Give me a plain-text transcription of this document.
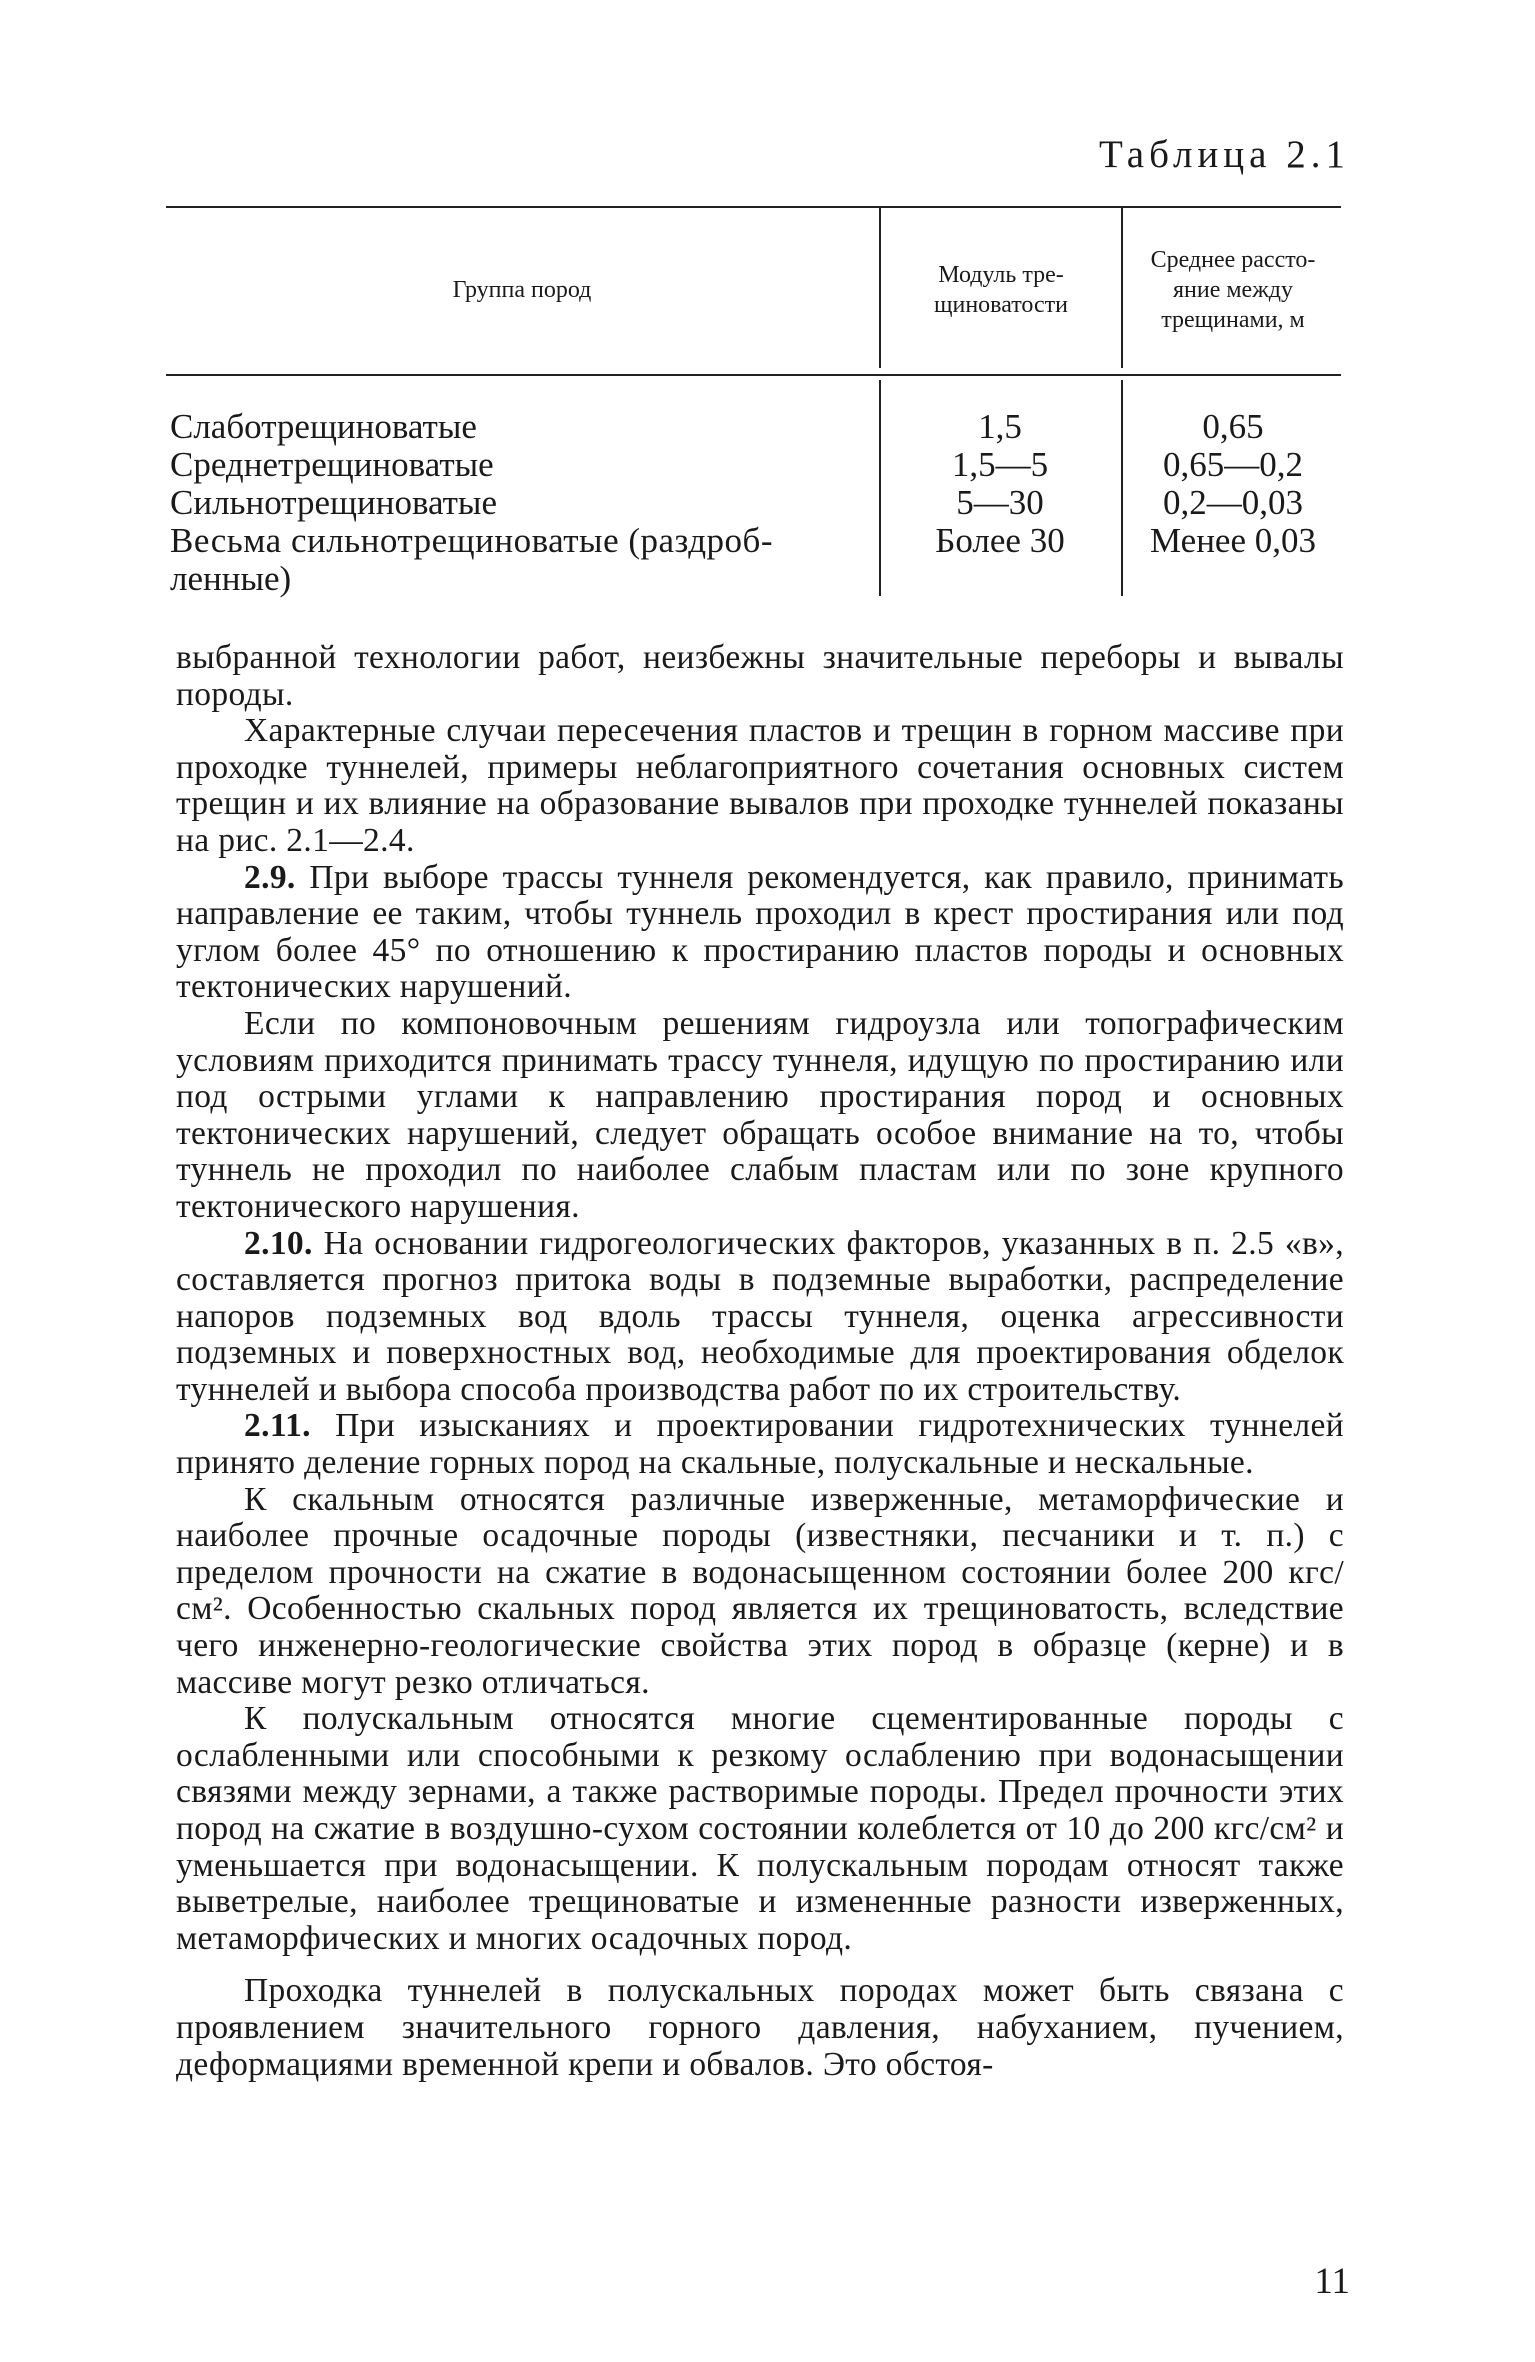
Таблица 2.1
Группа пород
Модуль тре-
щиноватости
Среднее рассто-
яние между
трещинами, м
Слаботрещиноватые
Среднетрещиноватые
Сильнотрещиноватые
Весьма сильнотрещиноватые (раздроб-
ленные)
1,5
1,5—5
5—30
Более 30
0,65
0,65—0,2
0,2—0,03
Менее 0,03

выбранной технологии работ, неизбежны значительные переборы и вывалы породы.

Характерные случаи пересечения пластов и трещин в горном массиве при проходке туннелей, примеры неблагоприятного сочетания основных систем трещин и их влияние на образование вывалов при проходке туннелей показаны на рис. 2.1—2.4.

2.9. При выборе трассы туннеля рекомендуется, как правило, принимать направление ее таким, чтобы туннель проходил в крест простирания или под углом более 45° по отношению к простиранию пластов породы и основных тектонических нарушений.

Если по компоновочным решениям гидроузла или топографическим условиям приходится принимать трассу туннеля, идущую по простиранию или под острыми углами к направлению простирания пород и основных тектонических нарушений, следует обращать особое внимание на то, чтобы туннель не проходил по наиболее слабым пластам или по зоне крупного тектонического нарушения.

2.10. На основании гидрогеологических факторов, указанных в п. 2.5 «в», составляется прогноз притока воды в подземные выработки, распределение напоров подземных вод вдоль трассы туннеля, оценка агрессивности подземных и поверхностных вод, необходимые для проектирования обделок туннелей и выбора способа производства работ по их строительству.

2.11. При изысканиях и проектировании гидротехнических туннелей принято деление горных пород на скальные, полускальные и нескальные.

К скальным относятся различные изверженные, метаморфические и наиболее прочные осадочные породы (известняки, песчаники и т. п.) с пределом прочности на сжатие в водонасыщенном состоянии более 200 кгс/см². Особенностью скальных пород является их трещиноватость, вследствие чего инженерно-геологические свойства этих пород в образце (керне) и в массиве могут резко отличаться.

К полускальным относятся многие сцементированные породы с ослабленными или способными к резкому ослаблению при водонасыщении связями между зернами, а также растворимые породы. Предел прочности этих пород на сжатие в воздушно-сухом состоянии колеблется от 10 до 200 кгс/см² и уменьшается при водонасыщении. К полускальным породам относят также выветрелые, наиболее трещиноватые и измененные разности изверженных, метаморфических и многих осадочных пород.

Проходка туннелей в полускальных породах может быть связана с проявлением значительного горного давления, набуханием, пучением, деформациями временной крепи и обвалов. Это обстоя-

11
